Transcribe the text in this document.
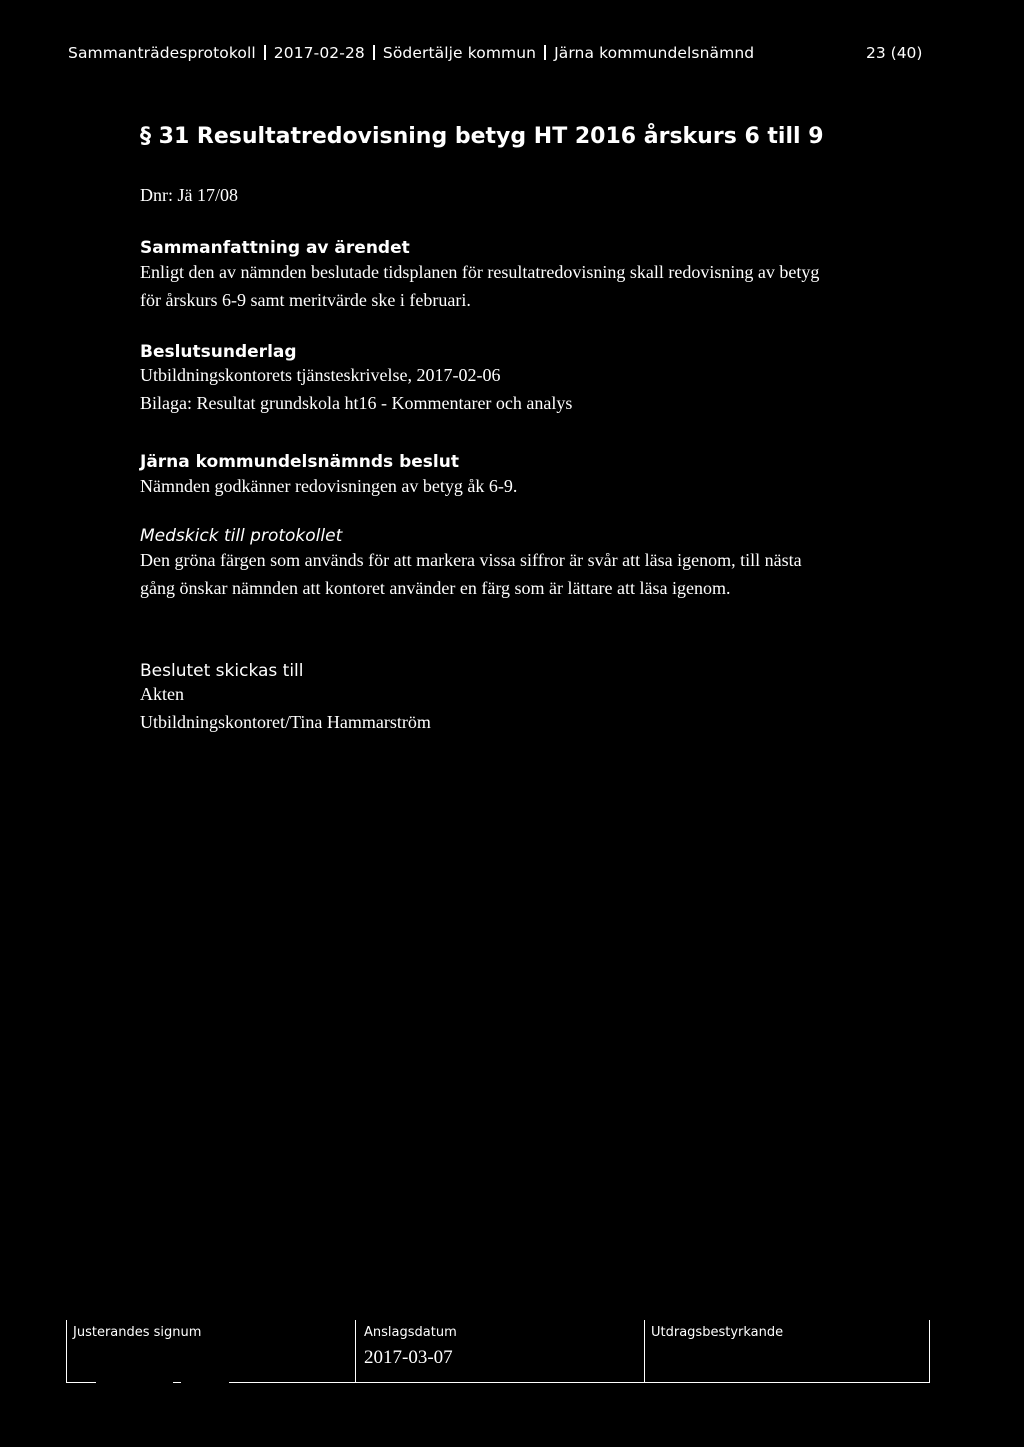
Sammanträdesprotokoll 2017-02-28 Södertälje kommun Järna kommundelsnämnd	23 (40)
§ 31 Resultatredovisning betyg HT 2016 årskurs 6 till 9
Dnr: Jä 17/08
Sammanfattning av ärendet
Enligt den av nämnden beslutade tidsplanen för resultatredovisning skall redovisning av betyg
för årskurs 6-9 samt meritvärde ske i februari.
Beslutsunderlag
Utbildningskontorets tjänsteskrivelse, 2017-02-06
Bilaga: Resultat grundskola ht16 - Kommentarer och analys
Järna kommundelsnämnds beslut
Nämnden godkänner redovisningen av betyg åk 6-9.
Medskick till protokollet
Den gröna färgen som används för att markera vissa siffror är svår att läsa igenom, till nästa
gång önskar nämnden att kontoret använder en färg som är lättare att läsa igenom.
Beslutet skickas till
Akten
Utbildningskontoret/Tina Hammarström
Justerandes signum	Anslagsdatum
2017-03-07
Utdragsbestyrkande
